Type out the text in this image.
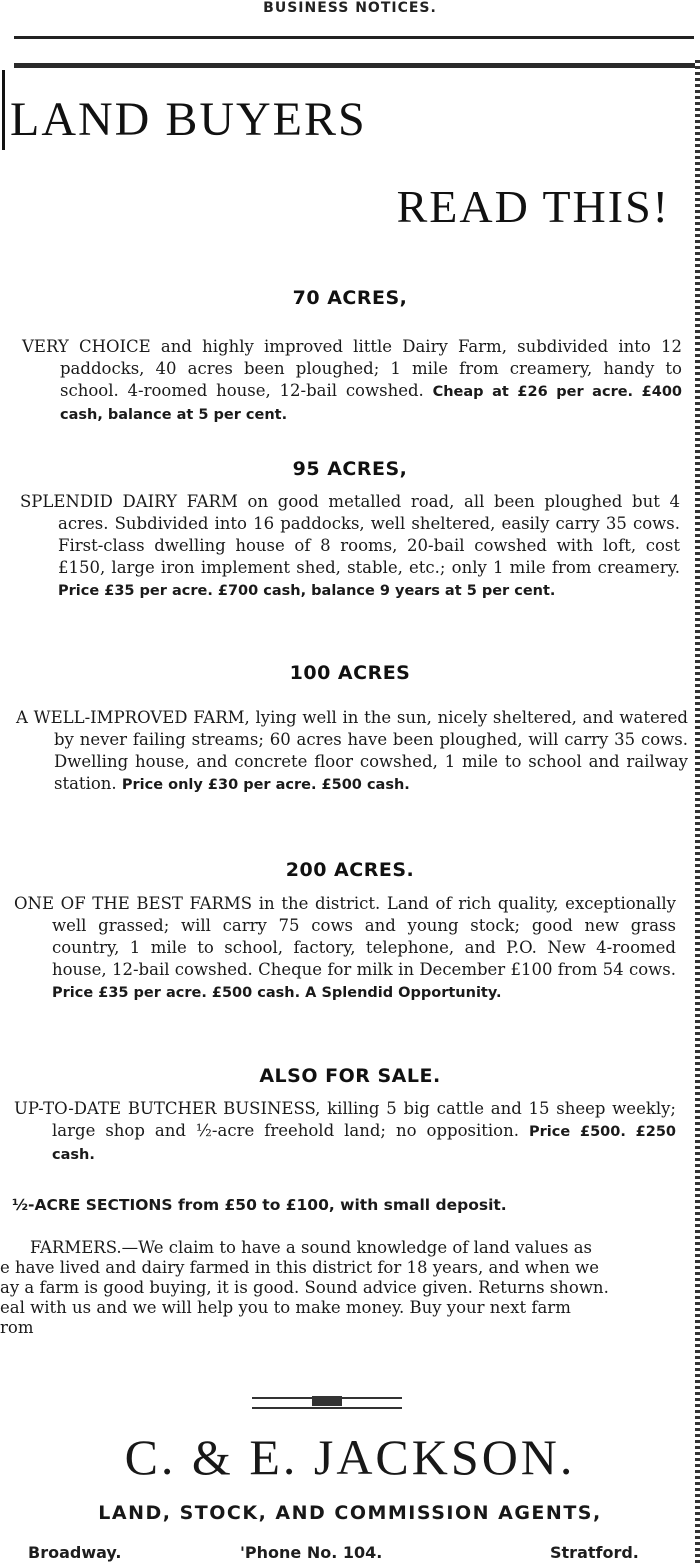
BUSINESS NOTICES.
LAND BUYERS
READ THIS!
70 ACRES,

VERY CHOICE and highly improved little Dairy Farm, subdivided into 12 paddocks, 40 acres been ploughed; 1 mile from creamery, handy to school. 4-roomed house, 12-bail cowshed. Cheap at £26 per acre. £400 cash, balance at 5 per cent.

95 ACRES,

SPLENDID DAIRY FARM on good metalled road, all been ploughed but 4 acres. Subdivided into 16 paddocks, well sheltered, easily carry 35 cows. First-class dwelling house of 8 rooms, 20-bail cowshed with loft, cost £150, large iron implement shed, stable, etc.; only 1 mile from creamery. Price £35 per acre. £700 cash, balance 9 years at 5 per cent.

100 ACRES

A WELL-IMPROVED FARM, lying well in the sun, nicely sheltered, and watered by never failing streams; 60 acres have been ploughed, will carry 35 cows. Dwelling house, and concrete floor cowshed, 1 mile to school and railway station. Price only £30 per acre. £500 cash.

200 ACRES.

ONE OF THE BEST FARMS in the district. Land of rich quality, exceptionally well grassed; will carry 75 cows and young stock; good new grass country, 1 mile to school, factory, telephone, and P.O. New 4-roomed house, 12-bail cowshed. Cheque for milk in December £100 from 54 cows. Price £35 per acre. £500 cash. A Splendid Opportunity.

ALSO FOR SALE.

UP-TO-DATE BUTCHER BUSINESS, killing 5 big cattle and 15 sheep weekly; large shop and ½-acre freehold land; no opposition. Price £500. £250 cash.

½-ACRE SECTIONS from £50 to £100, with small deposit.
FARMERS.—We claim to have a sound knowledge of land values as
e have lived and dairy farmed in this district for 18 years, and when we
ay a farm is good buying, it is good. Sound advice given. Returns shown.
eal with us and we will help you to make money. Buy your next farm
rom
C. & E. JACKSON.
LAND, STOCK, AND COMMISSION AGENTS,
Broadway.	'Phone No. 104.	Stratford.
